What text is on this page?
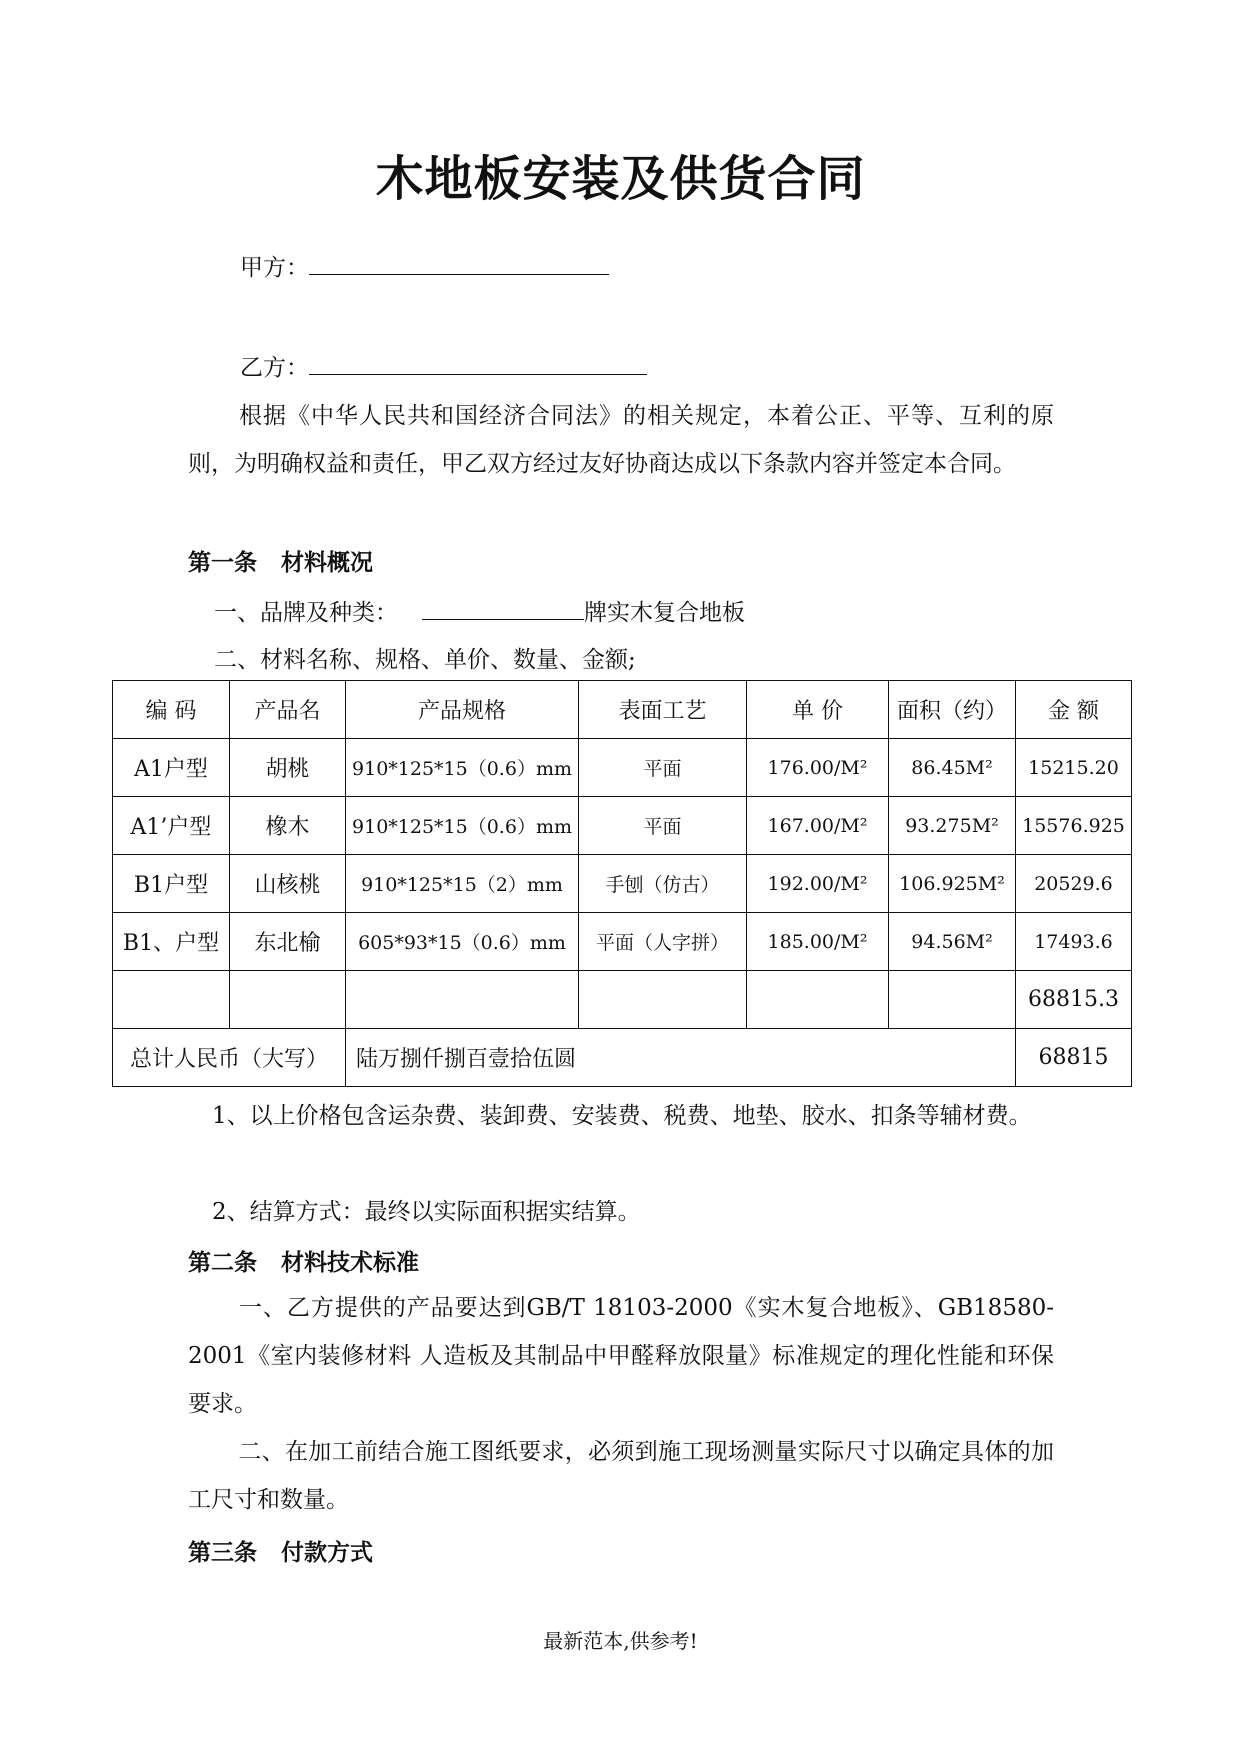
木地板安装及供货合同
甲方：
乙方：
根据《中华人民共和国经济合同法》的相关规定，本着公正、平等、互利的原则，为明确权益和责任，甲乙双方经过友好协商达成以下条款内容并签定本合同。
第一条 材料概况
一、品牌及种类：	牌实木复合地板
二、材料名称、规格、单价、数量、金额;
编 码	产品名	产品规格	表面工艺	单 价	面积（约）	金 额
A1户型	胡桃	910*125*15（0.6）mm	平面	176.00/M²	86.45M²	15215.20
A1’户型	橡木	910*125*15（0.6）mm	平面	167.00/M²	93.275M²	15576.925
B1户型	山核桃	910*125*15（2）mm	手刨（仿古）	192.00/M²	106.925M²	20529.6
B1、户型	东北榆	605*93*15（0.6）mm	平面（人字拼）	185.00/M²	94.56M²	17493.6
						68815.3
总计人民币（大写）		陆万捌仟捌百壹拾伍圆				68815
1、以上价格包含运杂费、装卸费、安装费、税费、地垫、胶水、扣条等辅材费。
2、结算方式：最终以实际面积据实结算。
第二条 材料技术标准
一、乙方提供的产品要达到GB/T 18103-2000《实木复合地板》、GB18580-2001《室内装修材料 人造板及其制品中甲醛释放限量》标准规定的理化性能和环保要求。
二、在加工前结合施工图纸要求，必须到施工现场测量实际尺寸以确定具体的加工尺寸和数量。
第三条 付款方式
最新范本,供参考!
